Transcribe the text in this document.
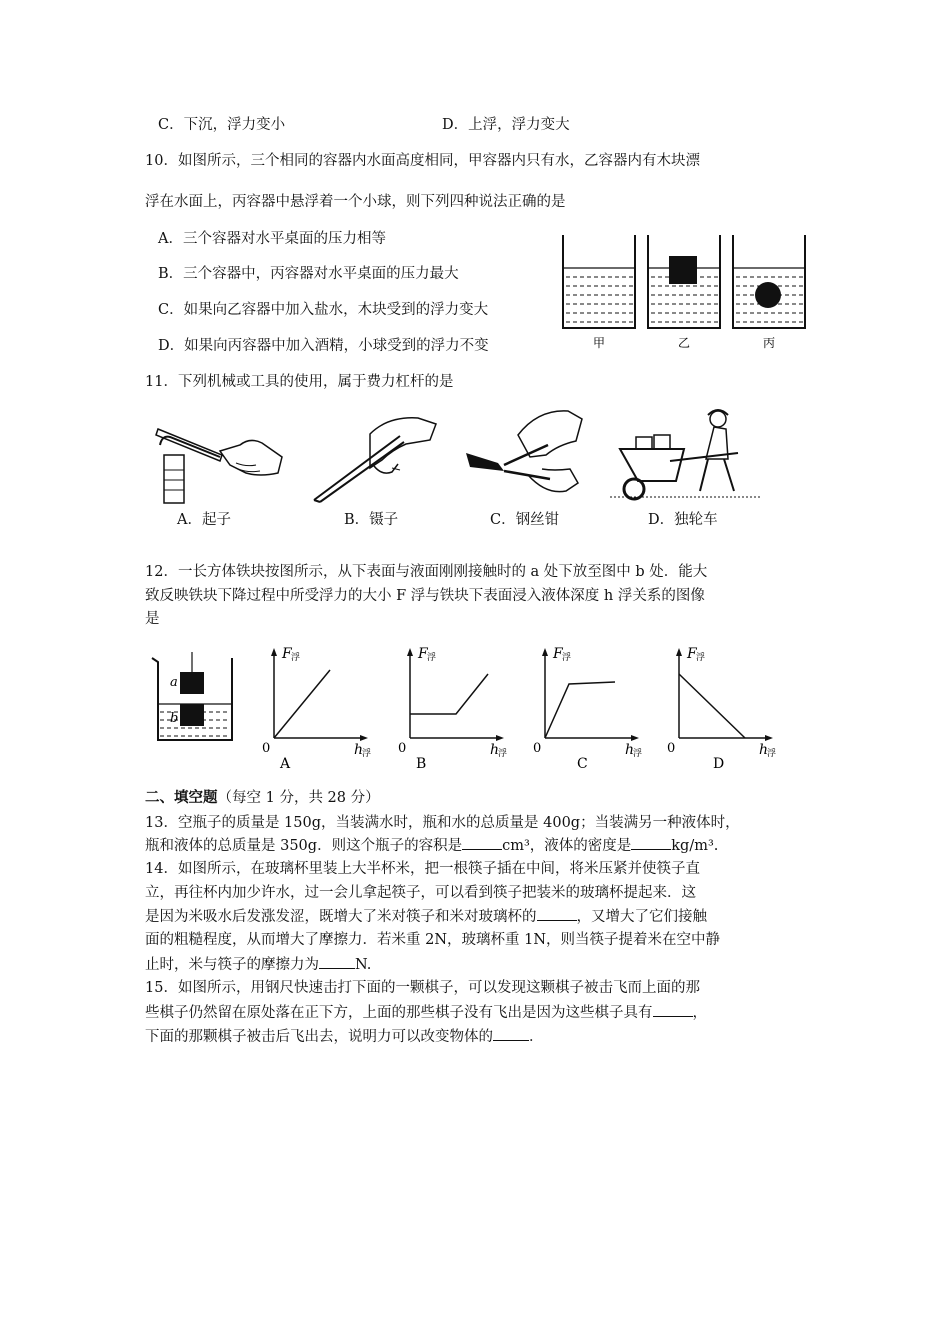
C．下沉，浮力变小	D．上浮，浮力变大
10．如图所示，三个相同的容器内水面高度相同，甲容器内只有水，乙容器内有木块漂
浮在水面上，丙容器中悬浮着一个小球，则下列四种说法正确的是
A．三个容器对水平桌面的压力相等
B．三个容器中，丙容器对水平桌面的压力最大
C．如果向乙容器中加入盐水，木块受到的浮力变大
D．如果向丙容器中加入酒精，小球受到的浮力不变	甲	乙	丙
11．下列机械或工具的使用，属于费力杠杆的是
A．起子	B．镊子	C．钢丝钳	D．独轮车
12．一长方体铁块按图所示，从下表面与液面刚刚接触时的 a 处下放至图中 b 处．能大
致反映铁块下降过程中所受浮力的大小 F 浮与铁块下表面浸入液体深度 h 浮关系的图像
是
a
b
F 浮
0	h
浮
A
F 浮
0	h
浮
B
F 浮
0	h
浮
C
F 浮
0	h
浮
D
二、填空题（每空 1 分，共 28 分）
13．空瓶子的质量是 150g，当装满水时，瓶和水的总质量是 400g；当装满另一种液体时，
瓶和液体的总质量是 350g．则这个瓶子的容积是	cm³，液体的密度是	kg/m³.
14．如图所示，在玻璃杯里装上大半杯米，把一根筷子插在中间，将米压紧并使筷子直
立，再往杯内加少许水，过一会儿拿起筷子，可以看到筷子把装米的玻璃杯提起来．这
是因为米吸水后发涨发涩，既增大了米对筷子和米对玻璃杯的	，又增大了它们接触
面的粗糙程度，从而增大了摩擦力．若米重 2N，玻璃杯重 1N，则当筷子提着米在空中静
止时，米与筷子的摩擦力为 N.
15．如图所示，用钢尺快速击打下面的一颗棋子，可以发现这颗棋子被击飞而上面的那
些棋子仍然留在原处落在正下方，上面的那些棋子没有飞出是因为这些棋子具有	，
下面的那颗棋子被击后飞出去，说明力可以改变物体的 ．
